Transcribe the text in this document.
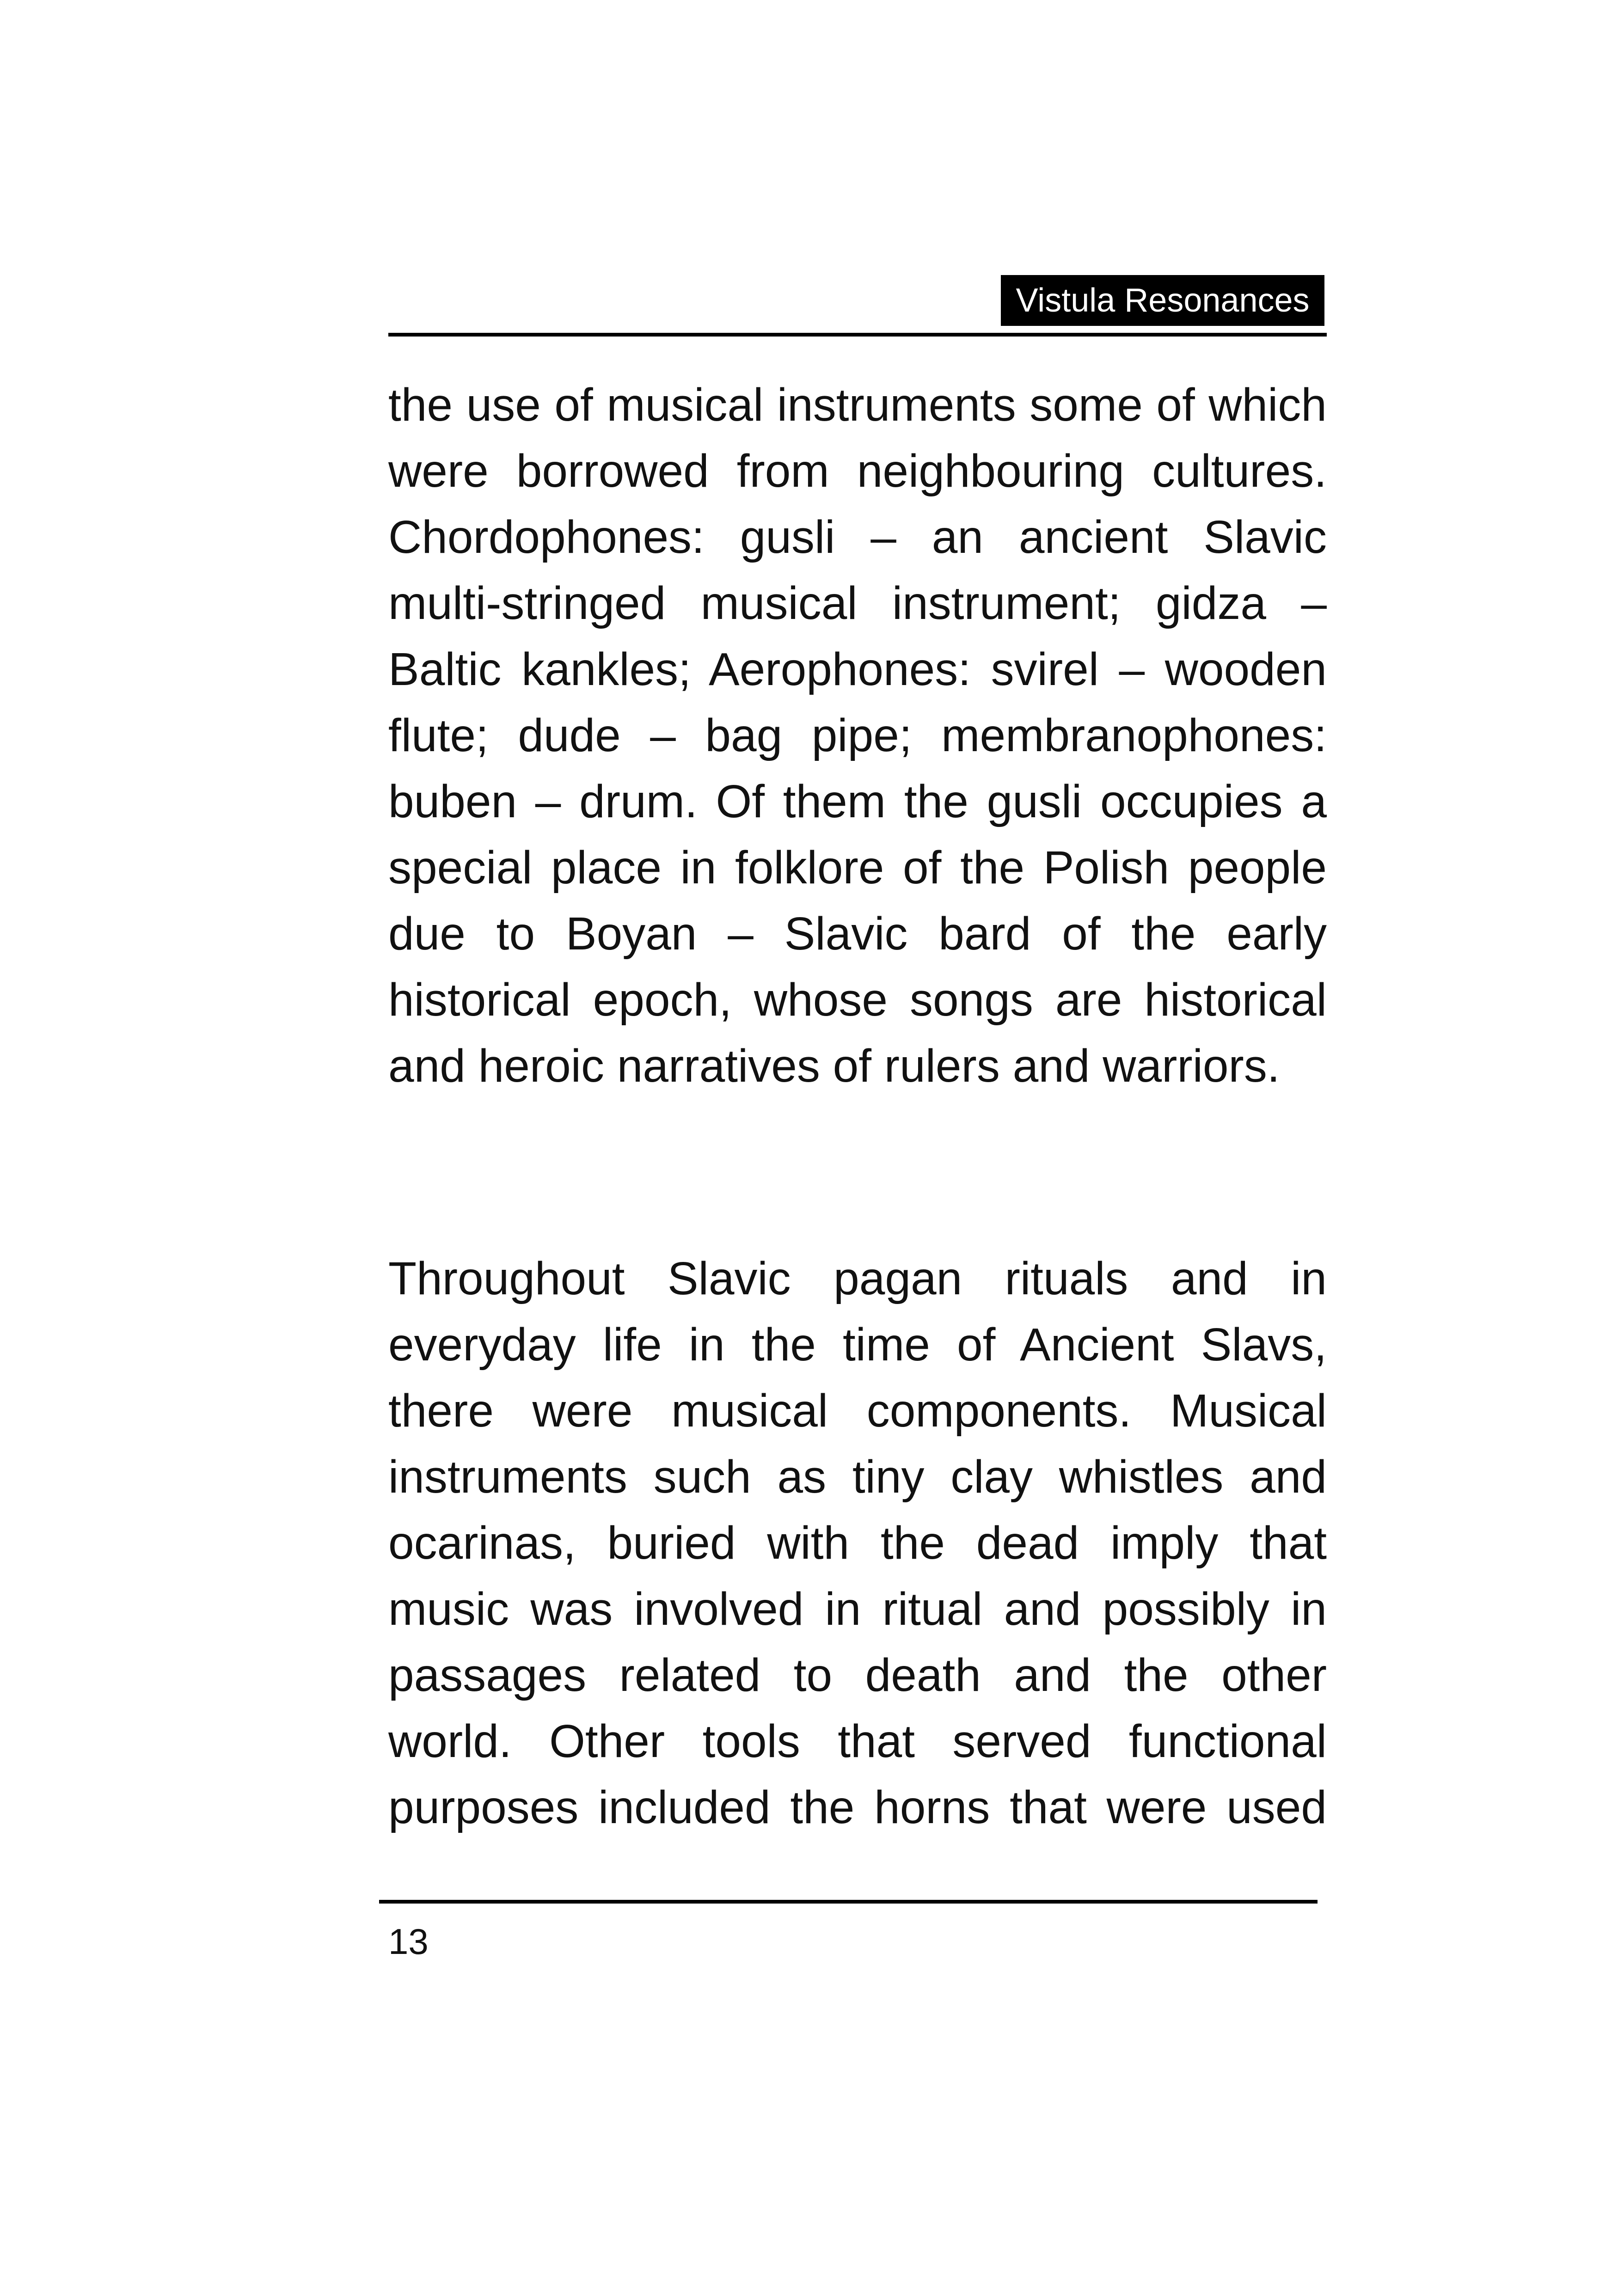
Vistula Resonances

the use of musical instruments some of which were borrowed from neighbouring cultures. Chordophones: gusli – an ancient Slavic multi-stringed musical instrument; gidza – Baltic kankles; Aerophones: svirel – wooden flute; dude – bag pipe; membranophones: buben – drum. Of them the gusli occupies a special place in folklore of the Polish people due to Boyan – Slavic bard of the early historical epoch, whose songs are historical and heroic narratives of rulers and warriors.

Throughout Slavic pagan rituals and in everyday life in the time of Ancient Slavs, there were musical components. Musical instruments such as tiny clay whistles and ocarinas, buried with the dead imply that music was involved in ritual and possibly in passages related to death and the other world. Other tools that served functional purposes included the horns that were used

13
